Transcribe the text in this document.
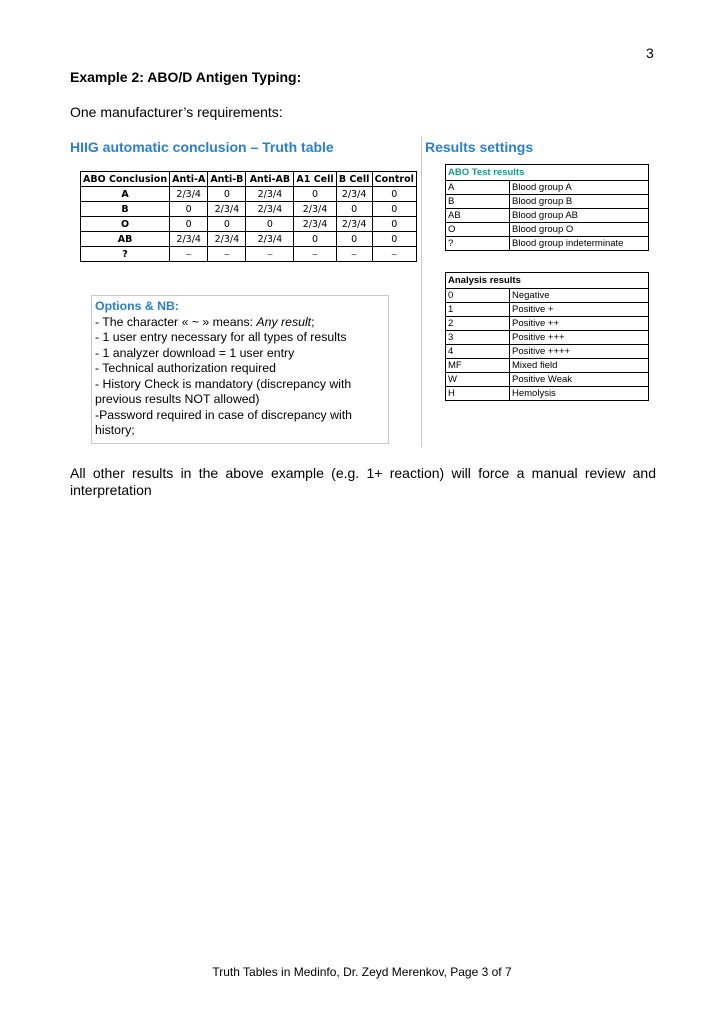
3
Example 2: ABO/D Antigen Typing:
One manufacturer’s requirements:
HIIG automatic conclusion – Truth table	Results settings
ABO Conclusion	Anti-A	Anti-B	Anti-AB	A1 Cell	B Cell	Control
A	2/3/4	0	2/3/4	0	2/3/4	0
B	0	2/3/4	2/3/4	2/3/4	0	0
O	0	0	0	2/3/4	2/3/4	0
AB	2/3/4	2/3/4	2/3/4	0	0	0
?	~	~	~	~	~	~
Options & NB:
- The character « ~ » means: Any result;
- 1 user entry necessary for all types of results
- 1 analyzer download = 1 user entry
- Technical authorization required
- History Check is mandatory (discrepancy with previous results NOT allowed)
-Password required in case of discrepancy with history;
ABO Test results	
A	Blood group A
B	Blood group B
AB	Blood group AB
O	Blood group O
?	Blood group indeterminate
Analysis results	
0	Negative
1	Positive +
2	Positive ++
3	Positive +++
4	Positive ++++
MF	Mixed field
W	Positive Weak
H	Hemolysis
All other results in the above example (e.g. 1+ reaction) will force a manual review and interpretation
Truth Tables in Medinfo, Dr. Zeyd Merenkov, Page 3 of 7
